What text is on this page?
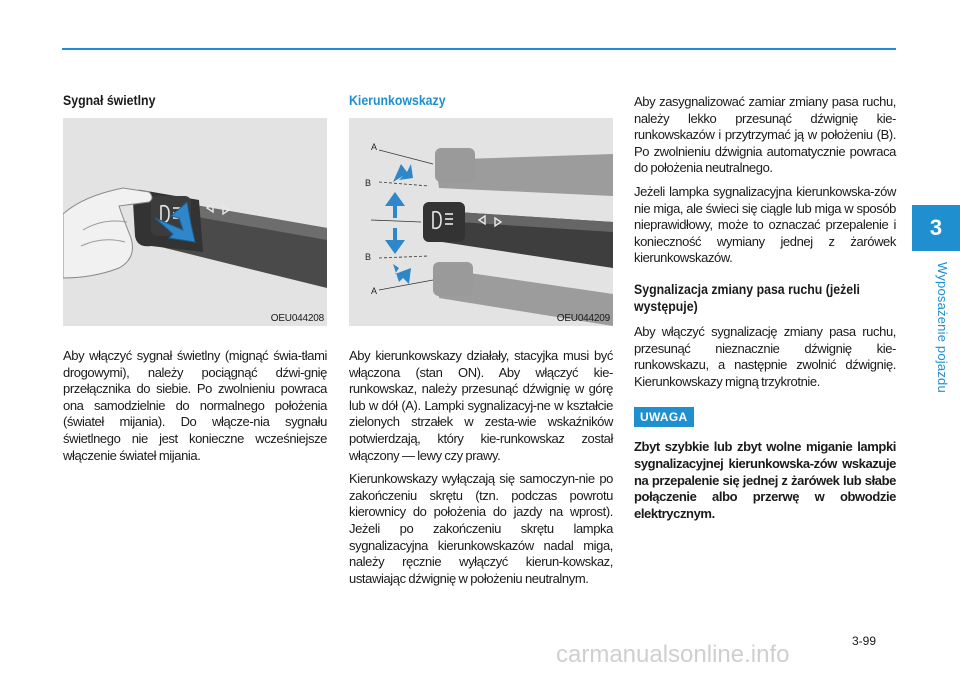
Sygnał świetlny
OEU044208

Aby włączyć sygnał świetlny (mignąć świa-tłami drogowymi), należy pociągnąć dźwi-gnię przełącznika do siebie. Po zwolnieniu powraca ona samodzielnie do normalnego położenia (świateł mijania). Do włącze-nia sygnału świetlnego nie jest konieczne wcześniejsze włączenie świateł mijania.

Kierunkowskazy
A
B
B
A
OEU044209

Aby kierunkowskazy działały, stacyjka musi być włączona (stan ON). Aby włączyć kie-runkowskaz, należy przesunąć dźwignię w górę lub w dół (A). Lampki sygnalizacyj-ne w kształcie zielonych strzałek w zesta-wie wskaźników potwierdzają, który kie-runkowskaz został włączony — lewy czy prawy.

Kierunkowskazy wyłączają się samoczyn-nie po zakończeniu skrętu (tzn. podczas powrotu kierownicy do położenia do jazdy na wprost). Jeżeli po zakończeniu skrętu lampka sygnalizacyjna kierunkowskazów nadal miga, należy ręcznie wyłączyć kierun-kowskaz, ustawiając dźwignię w położeniu neutralnym.

Aby zasygnalizować zamiar zmiany pasa ruchu, należy lekko przesunąć dźwignię kie-runkowskazów i przytrzymać ją w położeniu (B). Po zwolnieniu dźwignia automatycznie powraca do położenia neutralnego.

Jeżeli lampka sygnalizacyjna kierunkowska-zów nie miga, ale świeci się ciągle lub miga w sposób nieprawidłowy, może to oznaczać przepalenie i konieczność wymiany jednej z żarówek kierunkowskazów.

Sygnalizacja zmiany pasa ruchu (jeżeli występuje)

Aby włączyć sygnalizację zmiany pasa ruchu, przesunąć nieznacznie dźwignię kie-runkowskazu, a następnie zwolnić dźwignię. Kierunkowskazy migną trzykrotnie.

UWAGA

Zbyt szybkie lub zbyt wolne miganie lampki sygnalizacyjnej kierunkowska-zów wskazuje na przepalenie się jednej z żarówek lub słabe połączenie albo przerwę w obwodzie elektrycznym.

3
Wyposażenie pojazdu
3-99
carmanualsonline.info
